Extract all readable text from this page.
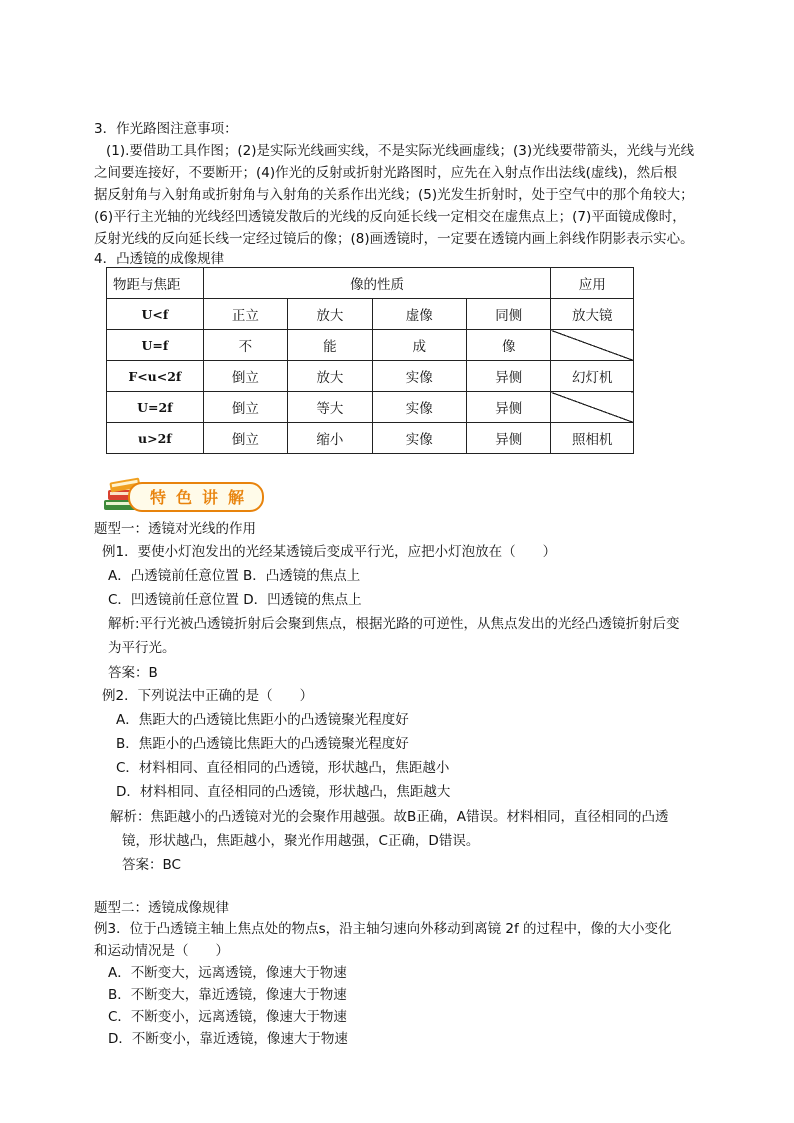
3．作光路图注意事项：
(1).要借助工具作图；(2)是实际光线画实线，不是实际光线画虚线；(3)光线要带箭头，光线与光线
之间要连接好，不要断开；(4)作光的反射或折射光路图时，应先在入射点作出法线(虚线)，然后根
据反射角与入射角或折射角与入射角的关系作出光线；(5)光发生折射时，处于空气中的那个角较大；
(6)平行主光轴的光线经凹透镜发散后的光线的反向延长线一定相交在虚焦点上；(7)平面镜成像时，
反射光线的反向延长线一定经过镜后的像；(8)画透镜时，一定要在透镜内画上斜线作阴影表示实心。
4．凸透镜的成像规律
物距与焦距	像的性质				应用
U<f	正立	放大	虚像	同侧	放大镜
U=f	不	能	成	像	
F<u<2f	倒立	放大	实像	异侧	幻灯机
U=2f	倒立	等大	实像	异侧	
u>2f	倒立	缩小	实像	异侧	照相机
特色讲解
题型一：透镜对光线的作用
例1．要使小灯泡发出的光经某透镜后变成平行光，应把小灯泡放在（　　）
A．凸透镜前任意位置 B．凸透镜的焦点上
C．凹透镜前任意位置 D．凹透镜的焦点上
解析:平行光被凸透镜折射后会聚到焦点，根据光路的可逆性，从焦点发出的光经凸透镜折射后变
为平行光。
答案：B
例2．下列说法中正确的是（　　）
A．焦距大的凸透镜比焦距小的凸透镜聚光程度好
B．焦距小的凸透镜比焦距大的凸透镜聚光程度好
C．材料相同、直径相同的凸透镜，形状越凸，焦距越小
D．材料相同、直径相同的凸透镜，形状越凸，焦距越大
解析：焦距越小的凸透镜对光的会聚作用越强。故B正确，A错误。材料相同，直径相同的凸透
镜，形状越凸，焦距越小，聚光作用越强，C正确，D错误。
答案：BC
题型二：透镜成像规律
例3．位于凸透镜主轴上焦点处的物点s，沿主轴匀速向外移动到离镜 2f 的过程中，像的大小变化
和运动情况是（　　）
A．不断变大，远离透镜，像速大于物速
B．不断变大，靠近透镜，像速大于物速
C．不断变小，远离透镜，像速大于物速
D．不断变小，靠近透镜，像速大于物速
